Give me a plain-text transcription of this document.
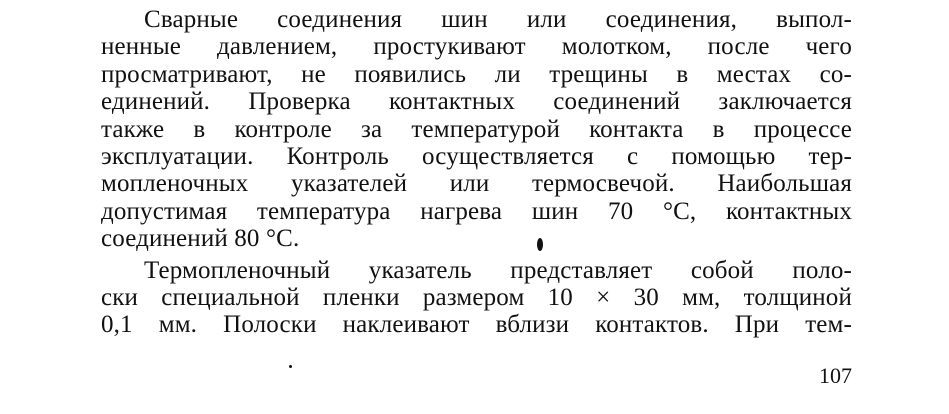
Сварные соединения шин или соединения, выпол-
ненные давлением, простукивают молотком, после чего
просматривают, не появились ли трещины в местах со-
единений. Проверка контактных соединений заключается
также в контроле за температурой контакта в процессе
эксплуатации. Контроль осуществляется с помощью тер-
мопленочных указателей или термосвечой. Наибольшая
допустимая температура нагрева шин 70 °С, контактных
соединений 80 °С.
Термопленочный указатель представляет собой поло-
ски специальной пленки размером 10 × 30 мм, толщиной
0,1 мм. Полоски наклеивают вблизи контактов. При тем-
107
